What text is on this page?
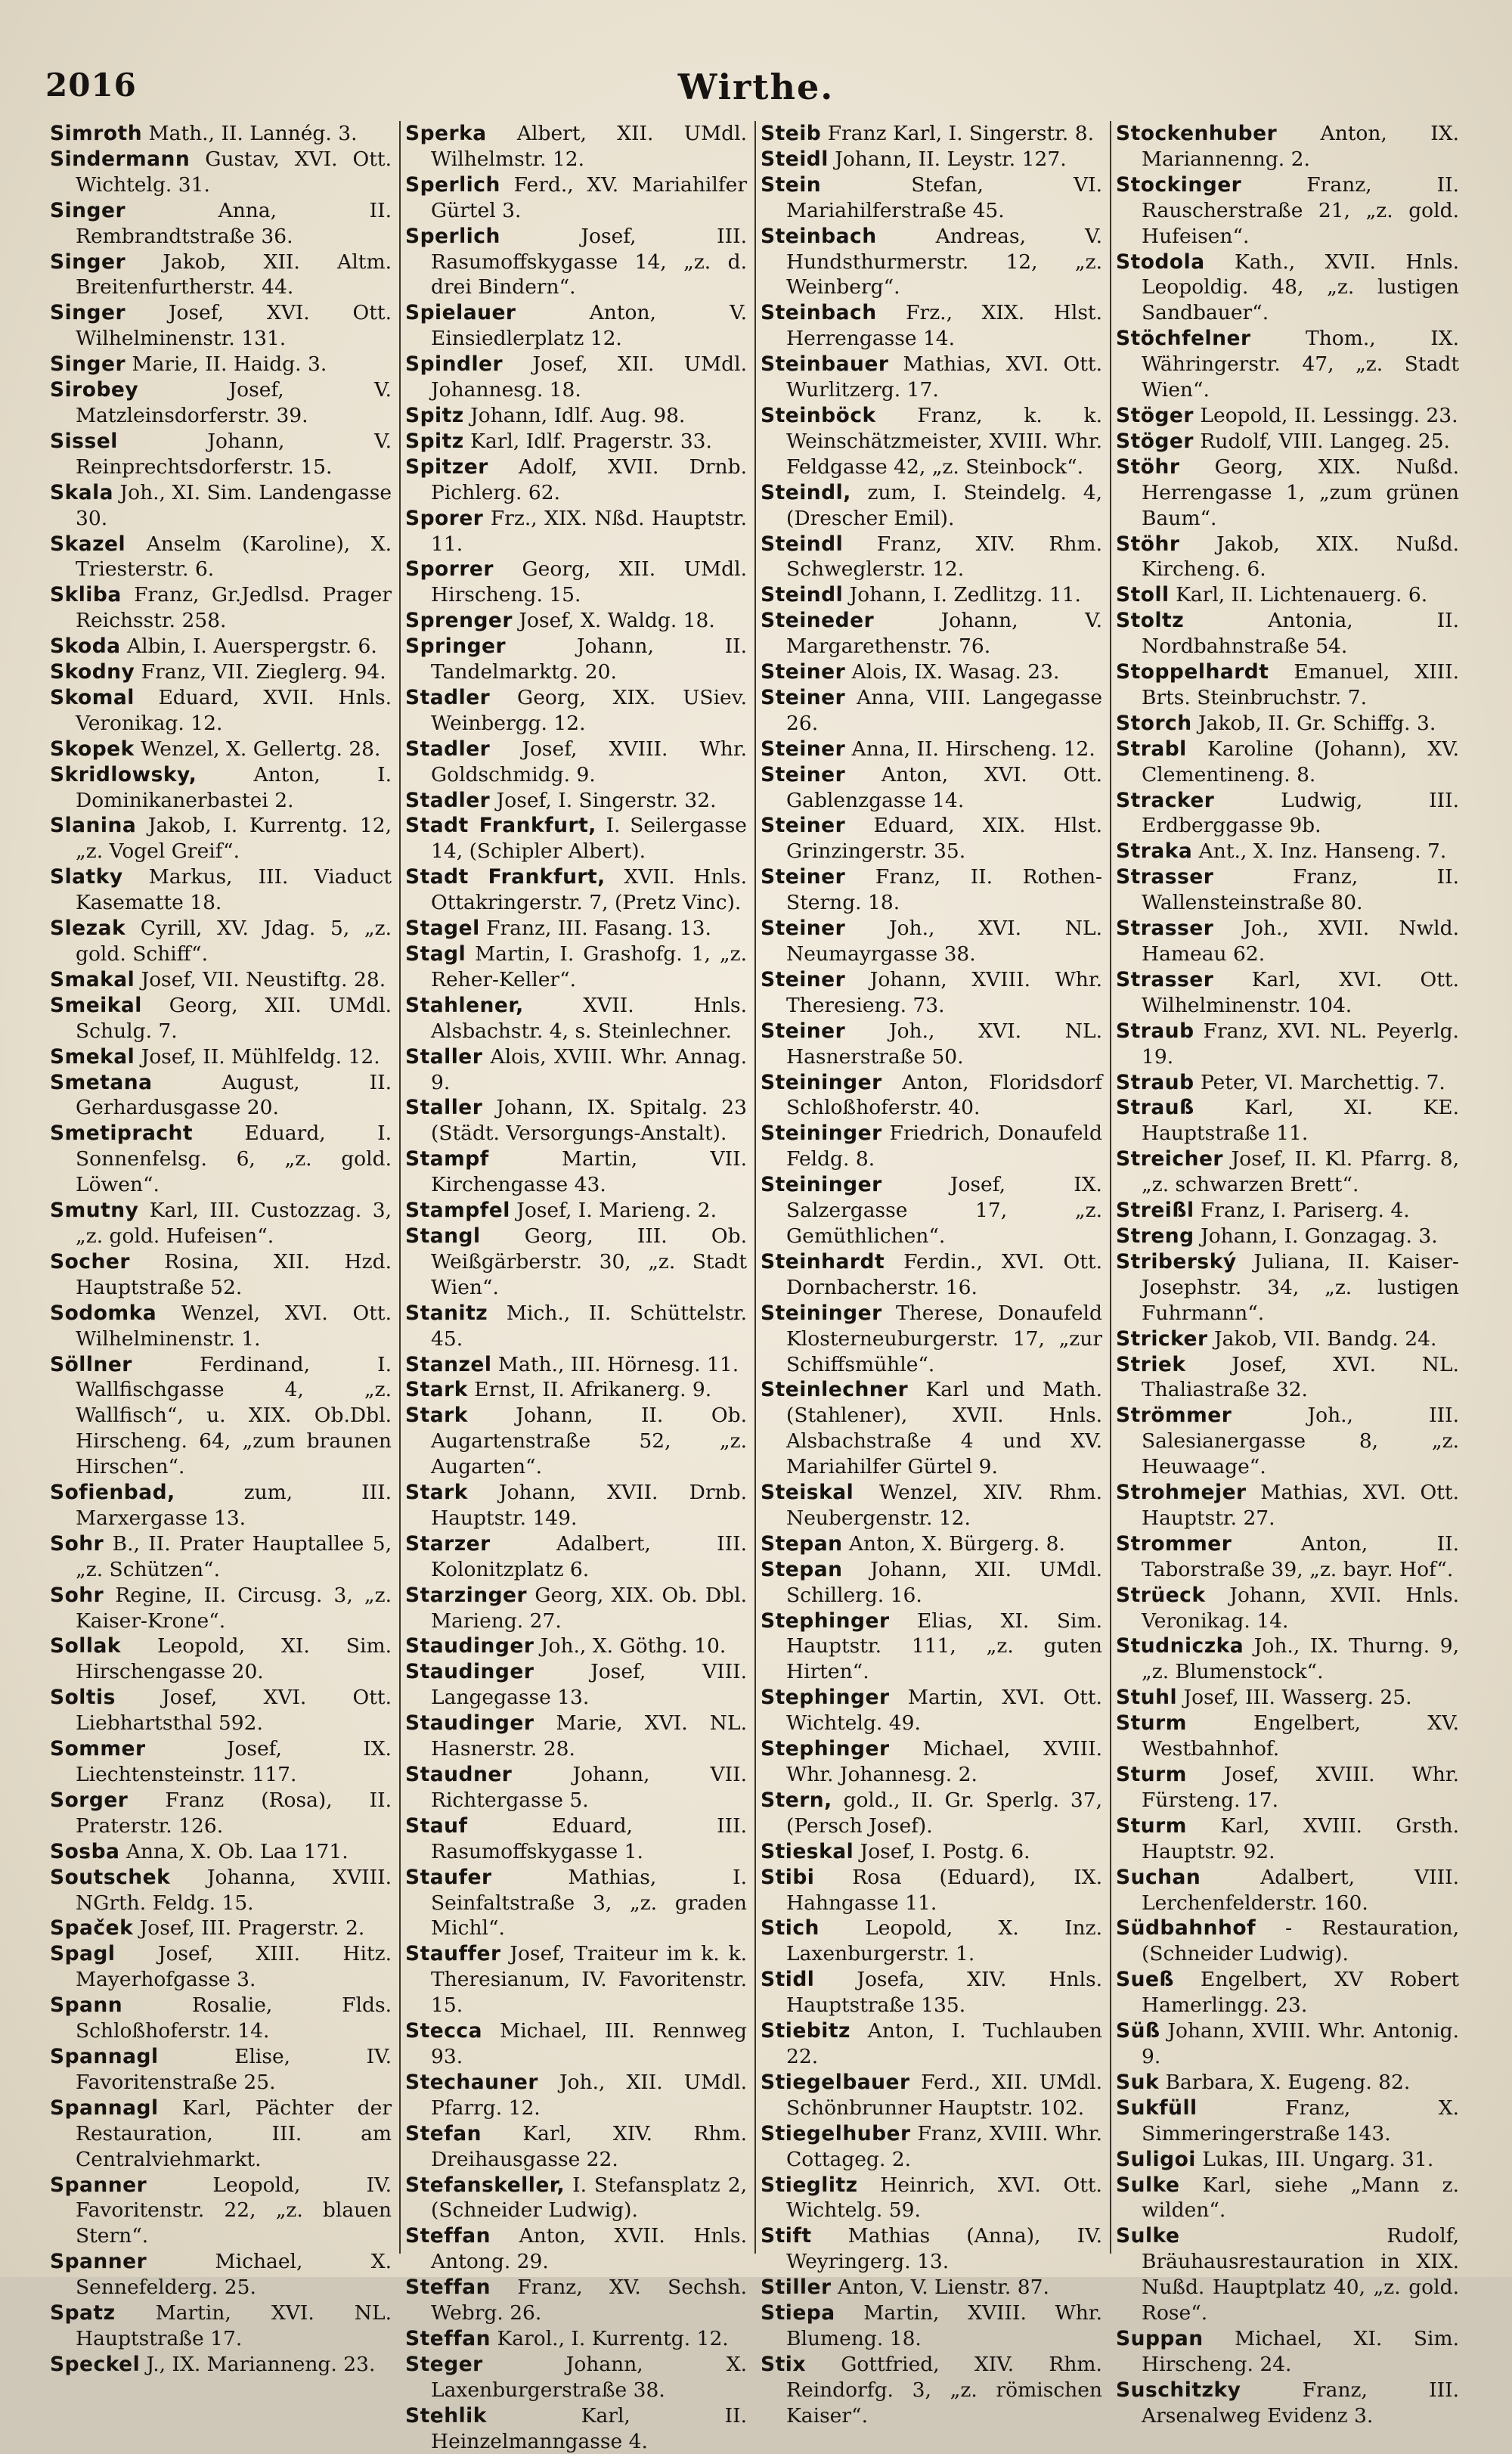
2016	Wirthe.
Simroth Math., II. Lannég. 3.
Sindermann Gustav, XVI. Ott. Wichtelg. 31.
Singer Anna, II. Rembrandtstraße 36.
Singer Jakob, XII. Altm. Breitenfurtherstr. 44.
Singer Josef, XVI. Ott. Wilhelminenstr. 131.
Singer Marie, II. Haidg. 3.
Sirobey Josef, V. Matzleinsdorferstr. 39.
Sissel Johann, V. Reinprechtsdorferstr. 15.
Skala Joh., XI. Sim. Landengasse 30.
Skazel Anselm (Karoline), X. Triesterstr. 6.
Skliba Franz, Gr.Jedlsd. Prager Reichsstr. 258.
Skoda Albin, I. Auerspergstr. 6.
Skodny Franz, VII. Zieglerg. 94.
Skomal Eduard, XVII. Hnls. Veronikag. 12.
Skopek Wenzel, X. Gellertg. 28.
Skridlowsky, Anton, I. Dominikanerbastei 2.
Slanina Jakob, I. Kurrentg. 12, „z. Vogel Greif“.
Slatky Markus, III. Viaduct Kasematte 18.
Slezak Cyrill, XV. Jdag. 5, „z. gold. Schiff“.
Smakal Josef, VII. Neustiftg. 28.
Smeikal Georg, XII. UMdl. Schulg. 7.
Smekal Josef, II. Mühlfeldg. 12.
Smetana August, II. Gerhardusgasse 20.
Smetipracht Eduard, I. Sonnenfelsg. 6, „z. gold. Löwen“.
Smutny Karl, III. Custozzag. 3, „z. gold. Hufeisen“.
Socher Rosina, XII. Hzd. Hauptstraße 52.
Sodomka Wenzel, XVI. Ott. Wilhelminenstr. 1.
Söllner Ferdinand, I. Wallfischgasse 4, „z. Wallfisch“, u. XIX. Ob.Dbl. Hirscheng. 64, „zum braunen Hirschen“.
Sofienbad, zum, III. Marxergasse 13.
Sohr B., II. Prater Hauptallee 5, „z. Schützen“.
Sohr Regine, II. Circusg. 3, „z. Kaiser-Krone“.
Sollak Leopold, XI. Sim. Hirschengasse 20.
Soltis Josef, XVI. Ott. Liebhartsthal 592.
Sommer Josef, IX. Liechtensteinstr. 117.
Sorger Franz (Rosa), II. Praterstr. 126.
Sosba Anna, X. Ob. Laa 171.
Soutschek Johanna, XVIII. NGrth. Feldg. 15.
Spaček Josef, III. Pragerstr. 2.
Spagl Josef, XIII. Hitz. Mayerhofgasse 3.
Spann Rosalie, Flds. Schloßhoferstr. 14.
Spannagl Elise, IV. Favoritenstraße 25.
Spannagl Karl, Pächter der Restauration, III. am Centralviehmarkt.
Spanner Leopold, IV. Favoritenstr. 22, „z. blauen Stern“.
Spanner Michael, X. Sennefelderg. 25.
Spatz Martin, XVI. NL. Hauptstraße 17.
Speckel J., IX. Marianneng. 23.
Sperka Albert, XII. UMdl. Wilhelmstr. 12.
Sperlich Ferd., XV. Mariahilfer Gürtel 3.
Sperlich Josef, III. Rasumoffskygasse 14, „z. d. drei Bindern“.
Spielauer Anton, V. Einsiedlerplatz 12.
Spindler Josef, XII. UMdl. Johannesg. 18.
Spitz Johann, Idlf. Aug. 98.
Spitz Karl, Idlf. Pragerstr. 33.
Spitzer Adolf, XVII. Drnb. Pichlerg. 62.
Sporer Frz., XIX. Nßd. Hauptstr. 11.
Sporrer Georg, XII. UMdl. Hirscheng. 15.
Sprenger Josef, X. Waldg. 18.
Springer Johann, II. Tandelmarktg. 20.
Stadler Georg, XIX. USiev. Weinbergg. 12.
Stadler Josef, XVIII. Whr. Goldschmidg. 9.
Stadler Josef, I. Singerstr. 32.
Stadt Frankfurt, I. Seilergasse 14, (Schipler Albert).
Stadt Frankfurt, XVII. Hnls. Ottakringerstr. 7, (Pretz Vinc).
Stagel Franz, III. Fasang. 13.
Stagl Martin, I. Grashofg. 1, „z. Reher-Keller“.
Stahlener, XVII. Hnls. Alsbachstr. 4, s. Steinlechner.
Staller Alois, XVIII. Whr. Annag. 9.
Staller Johann, IX. Spitalg. 23 (Städt. Versorgungs-Anstalt).
Stampf Martin, VII. Kirchengasse 43.
Stampfel Josef, I. Marieng. 2.
Stangl Georg, III. Ob. Weißgärberstr. 30, „z. Stadt Wien“.
Stanitz Mich., II. Schüttelstr. 45.
Stanzel Math., III. Hörnesg. 11.
Stark Ernst, II. Afrikanerg. 9.
Stark Johann, II. Ob. Augartenstraße 52, „z. Augarten“.
Stark Johann, XVII. Drnb. Hauptstr. 149.
Starzer Adalbert, III. Kolonitzplatz 6.
Starzinger Georg, XIX. Ob. Dbl. Marieng. 27.
Staudinger Joh., X. Göthg. 10.
Staudinger Josef, VIII. Langegasse 13.
Staudinger Marie, XVI. NL. Hasnerstr. 28.
Staudner Johann, VII. Richtergasse 5.
Stauf Eduard, III. Rasumoffskygasse 1.
Staufer Mathias, I. Seinfaltstraße 3, „z. graden Michl“.
Stauffer Josef, Traiteur im k. k. Theresianum, IV. Favoritenstr. 15.
Stecca Michael, III. Rennweg 93.
Stechauner Joh., XII. UMdl. Pfarrg. 12.
Stefan Karl, XIV. Rhm. Dreihausgasse 22.
Stefanskeller, I. Stefansplatz 2, (Schneider Ludwig).
Steffan Anton, XVII. Hnls. Antong. 29.
Steffan Franz, XV. Sechsh. Webrg. 26.
Steffan Karol., I. Kurrentg. 12.
Steger Johann, X. Laxenburgerstraße 38.
Stehlik Karl, II. Heinzelmanngasse 4.
Steib Franz Karl, I. Singerstr. 8.
Steidl Johann, II. Leystr. 127.
Stein Stefan, VI. Mariahilferstraße 45.
Steinbach Andreas, V. Hundsthurmerstr. 12, „z. Weinberg“.
Steinbach Frz., XIX. Hlst. Herrengasse 14.
Steinbauer Mathias, XVI. Ott. Wurlitzerg. 17.
Steinböck Franz, k. k. Weinschätzmeister, XVIII. Whr. Feldgasse 42, „z. Steinbock“.
Steindl, zum, I. Steindelg. 4, (Drescher Emil).
Steindl Franz, XIV. Rhm. Schweglerstr. 12.
Steindl Johann, I. Zedlitzg. 11.
Steineder Johann, V. Margarethenstr. 76.
Steiner Alois, IX. Wasag. 23.
Steiner Anna, VIII. Langegasse 26.
Steiner Anna, II. Hirscheng. 12.
Steiner Anton, XVI. Ott. Gablenzgasse 14.
Steiner Eduard, XIX. Hlst. Grinzingerstr. 35.
Steiner Franz, II. Rothen-Sterng. 18.
Steiner Joh., XVI. NL. Neumayrgasse 38.
Steiner Johann, XVIII. Whr. Theresieng. 73.
Steiner Joh., XVI. NL. Hasnerstraße 50.
Steininger Anton, Floridsdorf Schloßhoferstr. 40.
Steininger Friedrich, Donaufeld Feldg. 8.
Steininger Josef, IX. Salzergasse 17, „z. Gemüthlichen“.
Steinhardt Ferdin., XVI. Ott. Dornbacherstr. 16.
Steininger Therese, Donaufeld Klosterneuburgerstr. 17, „zur Schiffsmühle“.
Steinlechner Karl und Math. (Stahlener), XVII. Hnls. Alsbachstraße 4 und XV. Mariahilfer Gürtel 9.
Steiskal Wenzel, XIV. Rhm. Neubergenstr. 12.
Stepan Anton, X. Bürgerg. 8.
Stepan Johann, XII. UMdl. Schillerg. 16.
Stephinger Elias, XI. Sim. Hauptstr. 111, „z. guten Hirten“.
Stephinger Martin, XVI. Ott. Wichtelg. 49.
Stephinger Michael, XVIII. Whr. Johannesg. 2.
Stern, gold., II. Gr. Sperlg. 37, (Persch Josef).
Stieskal Josef, I. Postg. 6.
Stibi Rosa (Eduard), IX. Hahngasse 11.
Stich Leopold, X. Inz. Laxenburgerstr. 1.
Stidl Josefa, XIV. Hnls. Hauptstraße 135.
Stiebitz Anton, I. Tuchlauben 22.
Stiegelbauer Ferd., XII. UMdl. Schönbrunner Hauptstr. 102.
Stiegelhuber Franz, XVIII. Whr. Cottageg. 2.
Stieglitz Heinrich, XVI. Ott. Wichtelg. 59.
Stift Mathias (Anna), IV. Weyringerg. 13.
Stiller Anton, V. Lienstr. 87.
Stiepa Martin, XVIII. Whr. Blumeng. 18.
Stix Gottfried, XIV. Rhm. Reindorfg. 3, „z. römischen Kaiser“.
Stockenhuber Anton, IX. Mariannenng. 2.
Stockinger Franz, II. Rauscherstraße 21, „z. gold. Hufeisen“.
Stodola Kath., XVII. Hnls. Leopoldig. 48, „z. lustigen Sandbauer“.
Stöchfelner Thom., IX. Währingerstr. 47, „z. Stadt Wien“.
Stöger Leopold, II. Lessingg. 23.
Stöger Rudolf, VIII. Langeg. 25.
Stöhr Georg, XIX. Nußd. Herrengasse 1, „zum grünen Baum“.
Stöhr Jakob, XIX. Nußd. Kircheng. 6.
Stoll Karl, II. Lichtenauerg. 6.
Stoltz Antonia, II. Nordbahnstraße 54.
Stoppelhardt Emanuel, XIII. Brts. Steinbruchstr. 7.
Storch Jakob, II. Gr. Schiffg. 3.
Strabl Karoline (Johann), XV. Clementineng. 8.
Stracker Ludwig, III. Erdberggasse 9b.
Straka Ant., X. Inz. Hanseng. 7.
Strasser Franz, II. Wallensteinstraße 80.
Strasser Joh., XVII. Nwld. Hameau 62.
Strasser Karl, XVI. Ott. Wilhelminenstr. 104.
Straub Franz, XVI. NL. Peyerlg. 19.
Straub Peter, VI. Marchettig. 7.
Strauß Karl, XI. KE. Hauptstraße 11.
Streicher Josef, II. Kl. Pfarrg. 8, „z. schwarzen Brett“.
Streißl Franz, I. Pariserg. 4.
Streng Johann, I. Gonzagag. 3.
Striberský Juliana, II. Kaiser-Josephstr. 34, „z. lustigen Fuhrmann“.
Stricker Jakob, VII. Bandg. 24.
Striek Josef, XVI. NL. Thaliastraße 32.
Strömmer Joh., III. Salesianergasse 8, „z. Heuwaage“.
Strohmejer Mathias, XVI. Ott. Hauptstr. 27.
Strommer Anton, II. Taborstraße 39, „z. bayr. Hof“.
Strüeck Johann, XVII. Hnls. Veronikag. 14.
Studniczka Joh., IX. Thurng. 9, „z. Blumenstock“.
Stuhl Josef, III. Wasserg. 25.
Sturm Engelbert, XV. Westbahnhof.
Sturm Josef, XVIII. Whr. Fürsteng. 17.
Sturm Karl, XVIII. Grsth. Hauptstr. 92.
Suchan Adalbert, VIII. Lerchenfelderstr. 160.
Südbahnhof - Restauration, (Schneider Ludwig).
Sueß Engelbert, XV Robert Hamerlingg. 23.
Süß Johann, XVIII. Whr. Antonig. 9.
Suk Barbara, X. Eugeng. 82.
Sukfüll Franz, X. Simmeringerstraße 143.
Suligoi Lukas, III. Ungarg. 31.
Sulke Karl, siehe „Mann z. wilden“.
Sulke Rudolf, Bräuhausrestauration in XIX. Nußd. Hauptplatz 40, „z. gold. Rose“.
Suppan Michael, XI. Sim. Hirscheng. 24.
Suschitzky Franz, III. Arsenalweg Evidenz 3.
